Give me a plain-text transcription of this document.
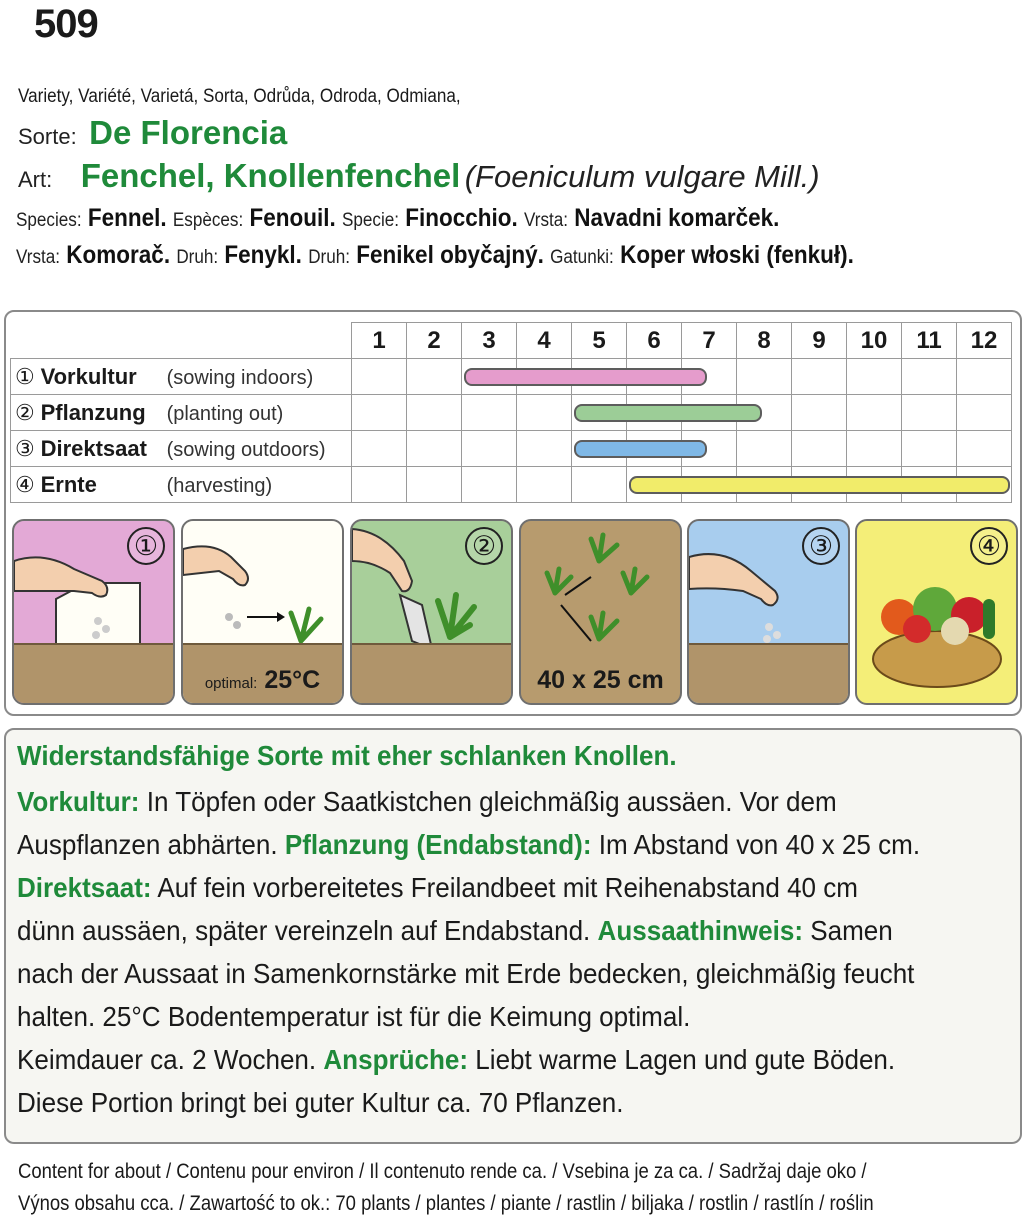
509
Variety, Variété, Varietá, Sorta, Odrůda, Odroda, Odmiana,
Sorte: De Florencia
Art: Fenchel, Knollenfenchel (Foeniculum vulgare Mill.)
Species: Fennel. Espèces: Fenouil. Specie: Finocchio. Vrsta: Navadni komarček.
Vrsta: Komorač. Druh: Fenykl. Druh: Fenikel obyčajný. Gatunki: Koper włoski (fenkuł).
	1	2	3	4	5	6	7	8	9	10	11	12
① Vorkultur (sowing indoors)												
② Pflanzung (planting out)												
③ Direktsaat (sowing outdoors)												
④ Ernte (harvesting)												
①
optimal: 25°C
②
40 x 25 cm
③	④
Widerstandsfähige Sorte mit eher schlanken Knollen.
Vorkultur: In Töpfen oder Saatkistchen gleichmäßig aussäen. Vor dem
Auspflanzen abhärten. Pflanzung (Endabstand): Im Abstand von 40 x 25 cm.
Direktsaat: Auf fein vorbereitetes Freilandbeet mit Reihenabstand 40 cm
dünn aussäen, später vereinzeln auf Endabstand. Aussaathinweis: Samen
nach der Aussaat in Samenkornstärke mit Erde bedecken, gleichmäßig feucht
halten. 25°C Bodentemperatur ist für die Keimung optimal.
Keimdauer ca. 2 Wochen. Ansprüche: Liebt warme Lagen und gute Böden.
Diese Portion bringt bei guter Kultur ca. 70 Pflanzen.
Content for about / Contenu pour environ / Il contenuto rende ca. / Vsebina je za ca. / Sadržaj daje oko /
Výnos obsahu cca. / Zawartość to ok.: 70 plants / plantes / piante / rastlin / biljaka / rostlin / rastlín / roślin
